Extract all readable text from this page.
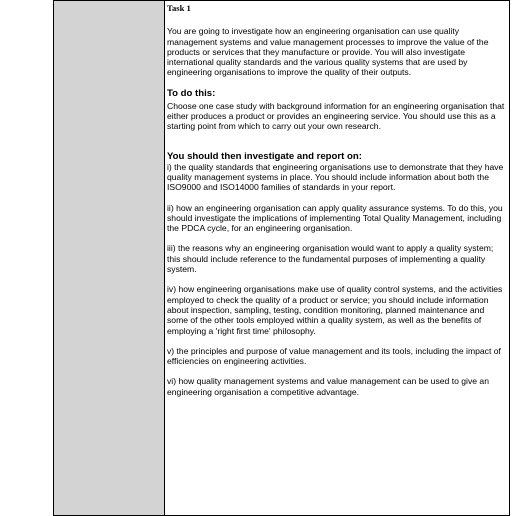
Task 1

You are going to investigate how an engineering organisation can use quality management systems and value management processes to improve the value of the products or services that they manufacture or provide. You will also investigate international quality standards and the various quality systems that are used by engineering organisations to improve the quality of their outputs.

To do this:

Choose one case study with background information for an engineering organisation that either produces a product or provides an engineering service. You should use this as a starting point from which to carry out your own research.

You should then investigate and report on:

i) the quality standards that engineering organisations use to demonstrate that they have quality management systems in place. You should include information about both the ISO9000 and ISO14000 families of standards in your report.

ii) how an engineering organisation can apply quality assurance systems. To do this, you should investigate the implications of implementing Total Quality Management, including the PDCA cycle, for an engineering organisation.

iii) the reasons why an engineering organisation would want to apply a quality system; this should include reference to the fundamental purposes of implementing a quality system.

iv) how engineering organisations make use of quality control systems, and the activities employed to check the quality of a product or service; you should include information about inspection, sampling, testing, condition monitoring, planned maintenance and some of the other tools employed within a quality system, as well as the benefits of employing a 'right first time' philosophy.

v) the principles and purpose of value management and its tools, including the impact of efficiencies on engineering activities.

vi) how quality management systems and value management can be used to give an engineering organisation a competitive advantage.
